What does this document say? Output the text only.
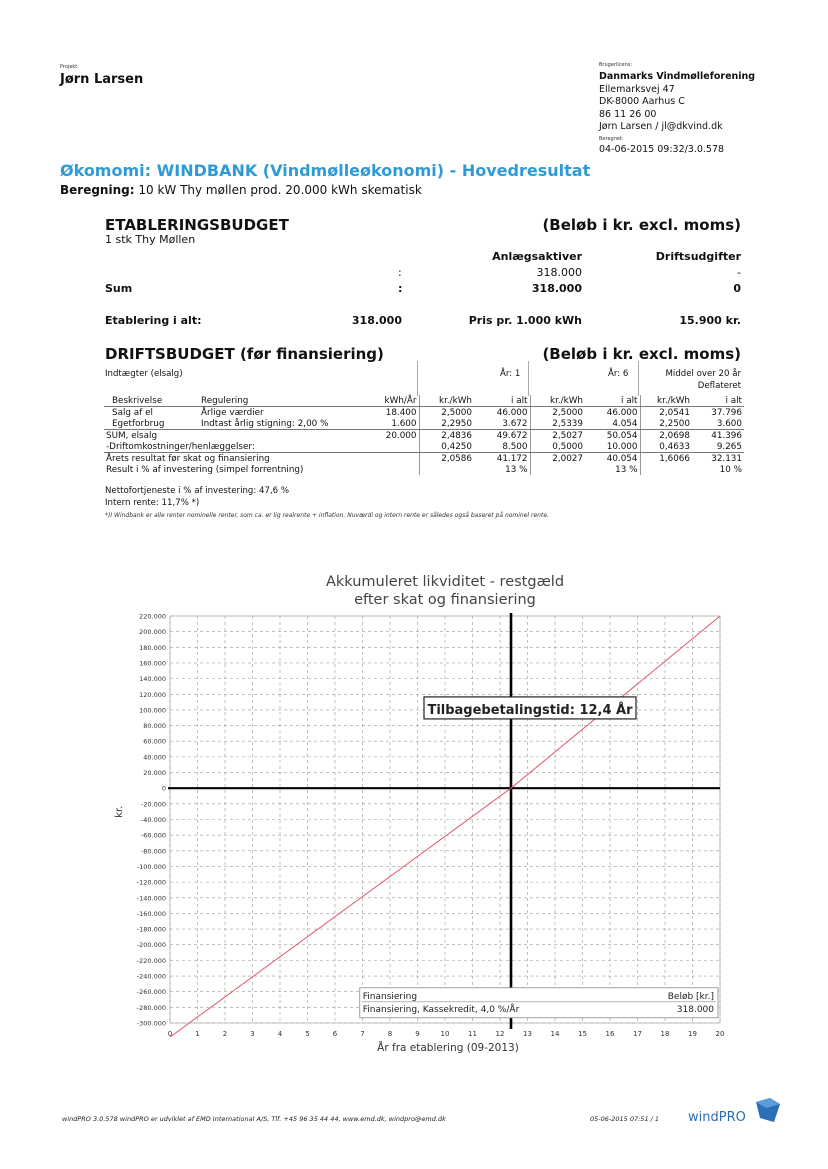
Projekt:
Jørn Larsen
Brugerlicens:
Danmarks Vindmølleforening
Ellemarksvej 47
DK-8000 Aarhus C
86 11 26 00
Jørn Larsen / jl@dkvind.dk
Beregnet:
04-06-2015 09:32/3.0.578
Økomomi: WINDBANK (Vindmølleøkonomi) - Hovedresultat
Beregning: 10 kW Thy møllen prod. 20.000 kWh skematisk
ETABLERINGSBUDGET	(Beløb i kr. excl. moms)
1 stk Thy Møllen
Anlægsaktiver	Driftsudgifter
:	318.000	-
Sum	:	318.000	0
Etablering i alt:	318.000	Pris pr. 1.000 kWh	15.900 kr.
DRIFTSBUDGET (før finansiering)	(Beløb i kr. excl. moms)
Indtægter (elsalg)	År: 1	År: 6	Middel over 20 år
Deflateret
Beskrivelse	Regulering	kWh/År	kr./kWh	i alt	kr./kWh	i alt	kr./kWh	i alt
Salg af el	Årlige værdier	18.400	2,5000	46.000	2,5000	46.000	2,0541	37.796
Egetforbrug	Indtast årlig stigning: 2,00 %	1.600	2,2950	3.672	2,5339	4.054	2,2500	3.600
SUM, elsalg		20.000	2,4836	49.672	2,5027	50.054	2,0698	41.396
-Driftomkostninger/henlæggelser:			0,4250	8.500	0,5000	10.000	0,4633	9.265
Årets resultat før skat og finansiering			2,0586	41.172	2,0027	40.054	1,6066	32.131
Result i % af investering (simpel forrentning)				13 %		13 %		10 %
Nettofortjeneste i % af investering: 47,6 %
Intern rente: 11,7% *)
*)I Windbank er alle renter nominelle renter, som ca. er lig realrente + inflation. Nuværdi og intern rente er således også baseret på nominel rente.
Akkumuleret likviditet - restgæld
efter skat og finansiering
220.000
200.000
180.000
160.000
140.000
120.000
100.000
80.000
60.000
40.000
20.000
0
-20.000
-40.000
-60.000
-80.000
-100.000
-120.000
-140.000
-160.000
-180.000
-200.000
-220.000
-240.000
-260.000
-280.000
-300.000
0	1	2	3	4	5	6	7	8	9	10	11	12	13	14	15	16	17	18	19	20
Tilbagebetalingstid: 12,4 År
kr.
År fra etablering (09-2013)
Finansiering	Beløb [kr.]
Finansiering, Kassekredit, 4,0 %/År	318.000
windPRO 3.0.578 windPRO er udviklet af EMD International A/S, Tlf. +45 96 35 44 44, www.emd.dk, windpro@emd.dk	05-06-2015 07:51 / 1 windPRO
